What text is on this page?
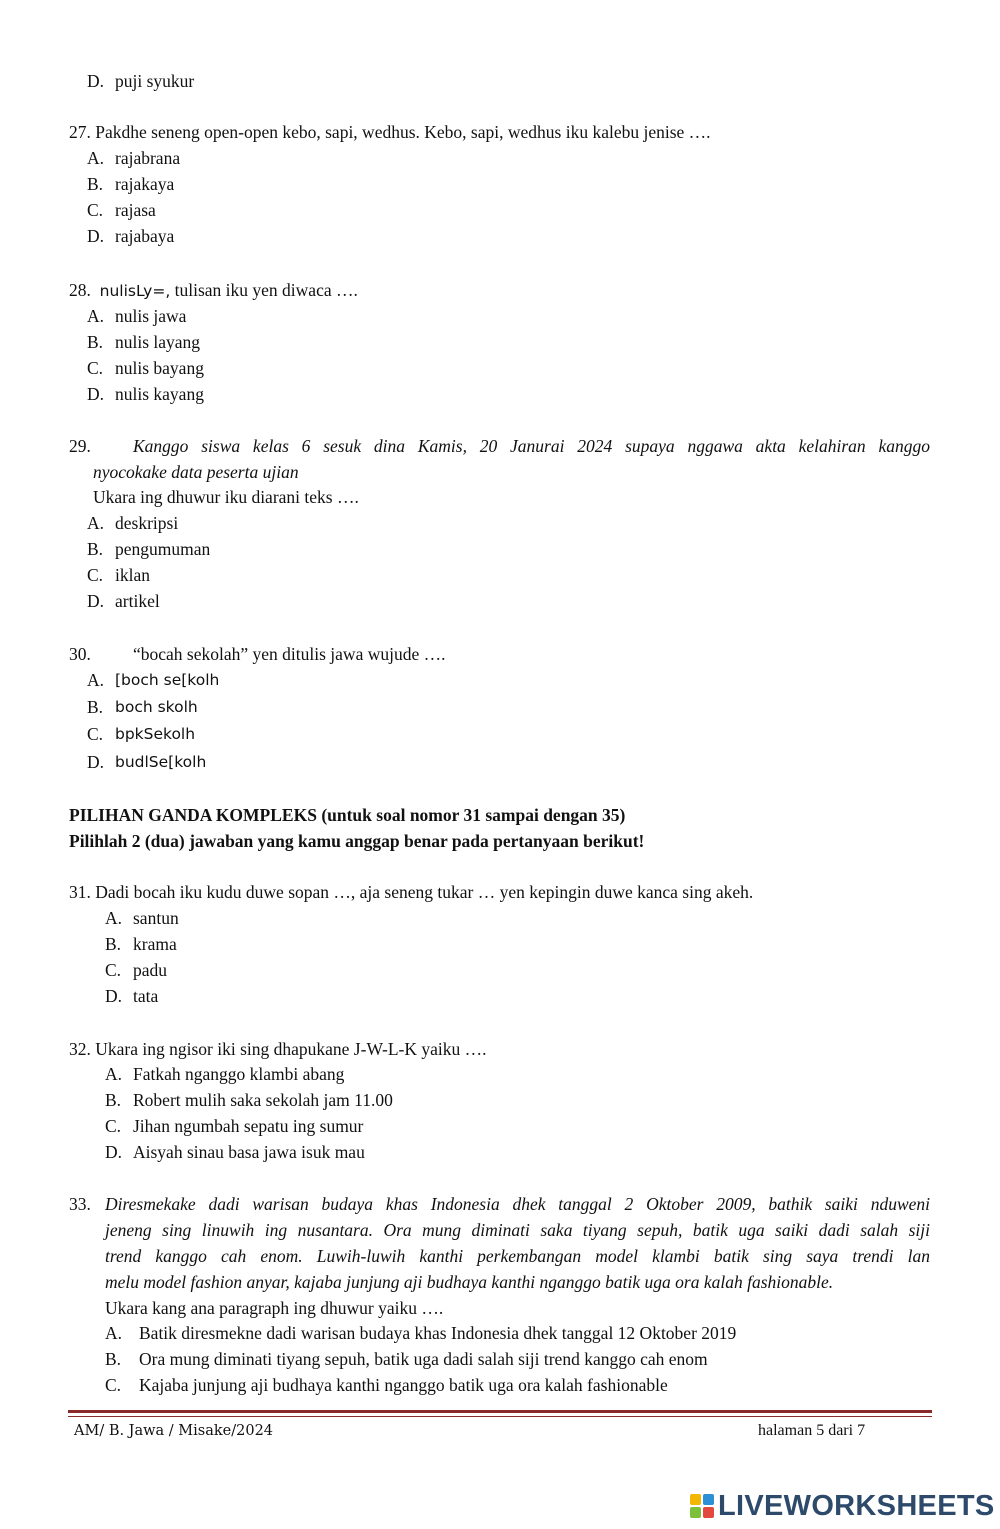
D. puji syukur
27. Pakdhe seneng open-open kebo, sapi, wedhus. Kebo, sapi, wedhus iku kalebu jenise ….
A. rajabrana
B. rajakaya
C. rajasa
D. rajabaya
28. nulisLy=, tulisan iku yen diwaca ….
A. nulis jawa
B. nulis layang
C. nulis bayang
D. nulis kayang
29. Kanggo siswa kelas 6 sesuk dina Kamis, 20 Janurai 2024 supaya nggawa akta kelahiran kanggo
nyocokake data peserta ujian
Ukara ing dhuwur iku diarani teks ….
A. deskripsi
B. pengumuman
C. iklan
D. artikel
30. “bocah sekolah” yen ditulis jawa wujude ….
A. [boch se[kolh
B. boch skolh
C. bpkSekolh
D. budlSe[kolh
PILIHAN GANDA KOMPLEKS (untuk soal nomor 31 sampai dengan 35)
Pilihlah 2 (dua) jawaban yang kamu anggap benar pada pertanyaan berikut!
31. Dadi bocah iku kudu duwe sopan …, aja seneng tukar … yen kepingin duwe kanca sing akeh.
A. santun
B. krama
C. padu
D. tata
32. Ukara ing ngisor iki sing dhapukane J-W-L-K yaiku ….
A. Fatkah nganggo klambi abang
B. Robert mulih saka sekolah jam 11.00
C. Jihan ngumbah sepatu ing sumur
D. Aisyah sinau basa jawa isuk mau
33. Diresmekake dadi warisan budaya khas Indonesia dhek tanggal 2 Oktober 2009, bathik saiki nduweni
jeneng sing linuwih ing nusantara. Ora mung diminati saka tiyang sepuh, batik uga saiki dadi salah siji
trend kanggo cah enom. Luwih-luwih kanthi perkembangan model klambi batik sing saya trendi lan
melu model fashion anyar, kajaba junjung aji budhaya kanthi nganggo batik uga ora kalah fashionable.
Ukara kang ana paragraph ing dhuwur yaiku ….
A. Batik diresmekne dadi warisan budaya khas Indonesia dhek tanggal 12 Oktober 2019
B. Ora mung diminati tiyang sepuh, batik uga dadi salah siji trend kanggo cah enom
C. Kajaba junjung aji budhaya kanthi nganggo batik uga ora kalah fashionable
AM/ B. Jawa / Misake/2024	halaman 5 dari 7
LIVEWORKSHEETS
